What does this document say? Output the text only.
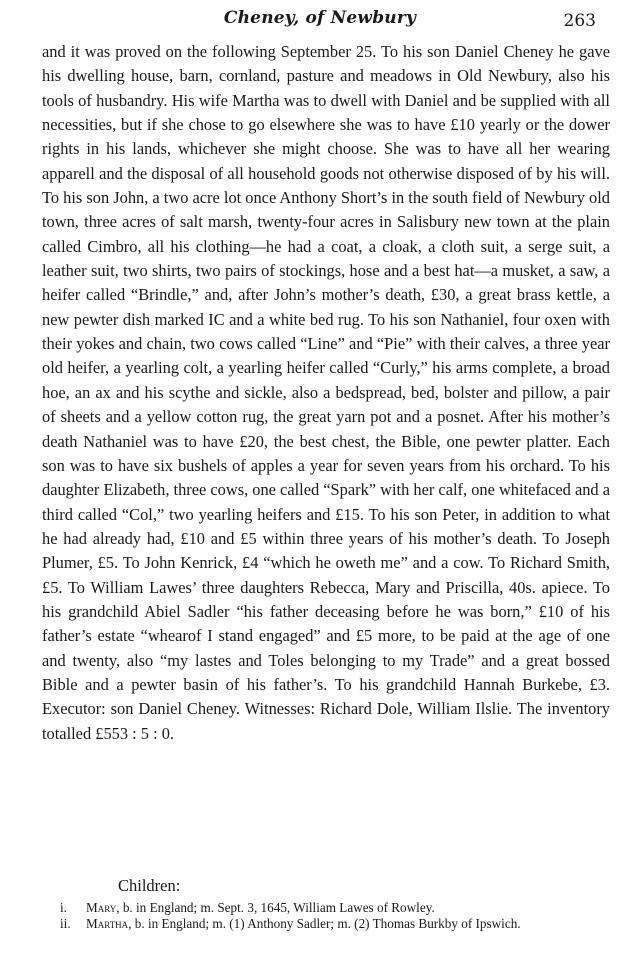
Cheney, of Newbury	263

and it was proved on the following September 25. To his son Daniel Cheney he gave his dwelling house, barn, cornland, pasture and meadows in Old Newbury, also his tools of husbandry. His wife Martha was to dwell with Daniel and be supplied with all necessities, but if she chose to go elsewhere she was to have £10 yearly or the dower rights in his lands, whichever she might choose. She was to have all her wearing apparell and the disposal of all household goods not otherwise disposed of by his will. To his son John, a two acre lot once Anthony Short’s in the south field of Newbury old town, three acres of salt marsh, twenty-four acres in Salisbury new town at the plain called Cimbro, all his clothing—he had a coat, a cloak, a cloth suit, a serge suit, a leather suit, two shirts, two pairs of stockings, hose and a best hat—a musket, a saw, a heifer called “Brindle,” and, after John’s mother’s death, £30, a great brass kettle, a new pewter dish marked IC and a white bed rug. To his son Nathaniel, four oxen with their yokes and chain, two cows called “Line” and “Pie” with their calves, a three year old heifer, a yearling colt, a yearling heifer called “Curly,” his arms complete, a broad hoe, an ax and his scythe and sickle, also a bedspread, bed, bolster and pillow, a pair of sheets and a yellow cotton rug, the great yarn pot and a posnet. After his mother’s death Nathaniel was to have £20, the best chest, the Bible, one pewter platter. Each son was to have six bushels of apples a year for seven years from his orchard. To his daughter Elizabeth, three cows, one called “Spark” with her calf, one whitefaced and a third called “Col,” two yearling heifers and £15. To his son Peter, in addition to what he had already had, £10 and £5 within three years of his mother’s death. To Joseph Plumer, £5. To John Kenrick, £4 “which he oweth me” and a cow. To Richard Smith, £5. To William Lawes’ three daughters Rebecca, Mary and Priscilla, 40s. apiece. To his grandchild Abiel Sadler “his father deceasing before he was born,” £10 of his father’s estate “whearof I stand engaged” and £5 more, to be paid at the age of one and twenty, also “my lastes and Toles belonging to my Trade” and a great bossed Bible and a pewter basin of his father’s. To his grandchild Hannah Burkebe, £3. Executor: son Daniel Cheney. Witnesses: Richard Dole, William Ilslie. The inventory totalled £553 : 5 : 0.

Children:

i. Mary, b. in England; m. Sept. 3, 1645, William Lawes of Rowley.
ii. Martha, b. in England; m. (1) Anthony Sadler; m. (2) Thomas Burkby of Ipswich.
